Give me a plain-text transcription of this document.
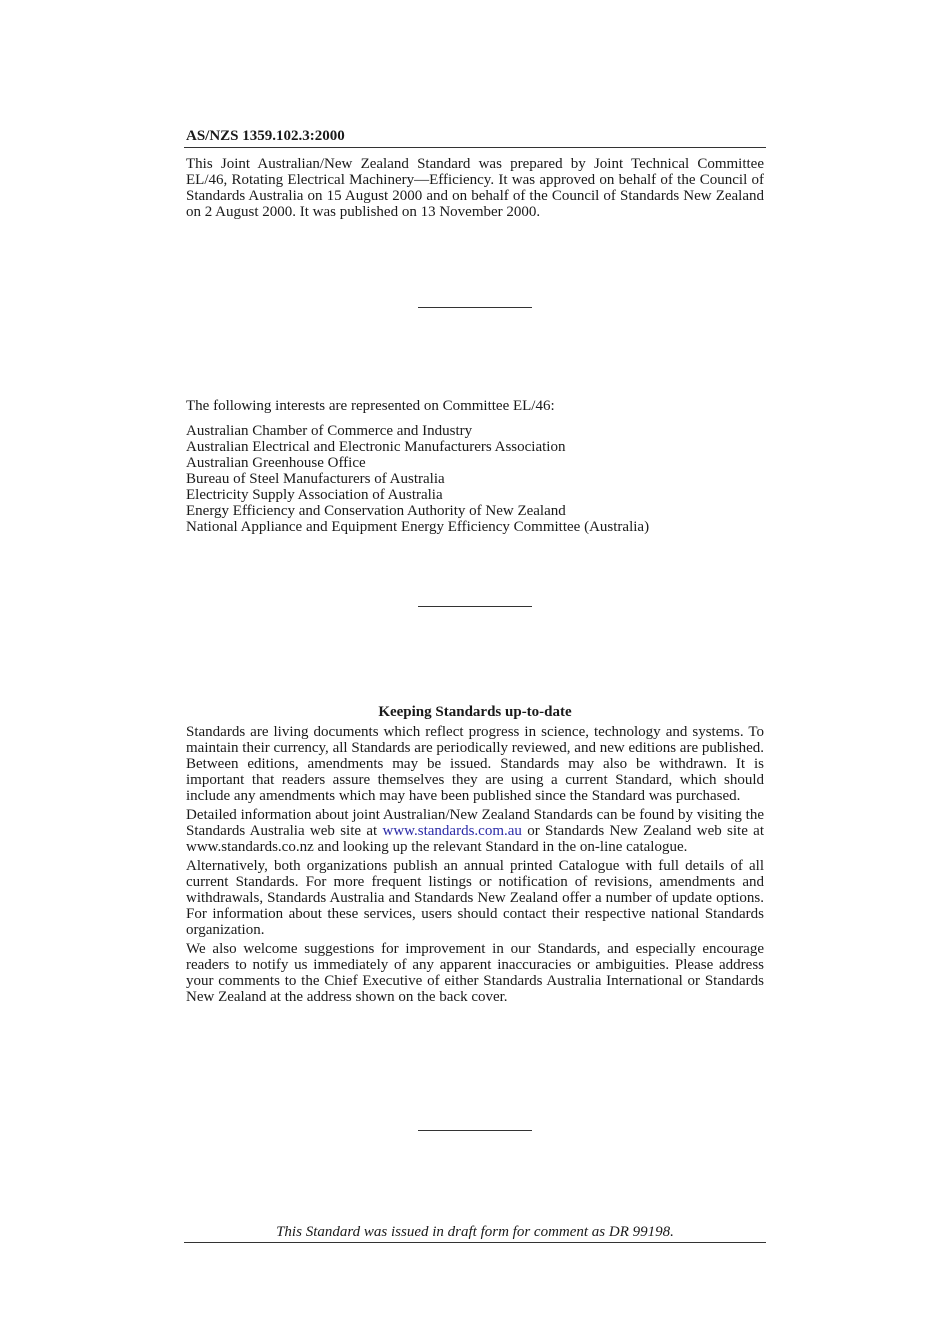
AS/NZS 1359.102.3:2000

This Joint Australian/New Zealand Standard was prepared by Joint Technical Committee EL/46, Rotating Electrical Machinery—Efficiency. It was approved on behalf of the Council of Standards Australia on 15 August 2000 and on behalf of the Council of Standards New Zealand on 2 August 2000. It was published on 13 November 2000.

The following interests are represented on Committee EL/46:

Australian Chamber of Commerce and Industry
Australian Electrical and Electronic Manufacturers Association
Australian Greenhouse Office
Bureau of Steel Manufacturers of Australia
Electricity Supply Association of Australia
Energy Efficiency and Conservation Authority of New Zealand
National Appliance and Equipment Energy Efficiency Committee (Australia)
Keeping Standards up-to-date

Standards are living documents which reflect progress in science, technology and systems. To maintain their currency, all Standards are periodically reviewed, and new editions are published. Between editions, amendments may be issued. Standards may also be withdrawn. It is important that readers assure themselves they are using a current Standard, which should include any amendments which may have been published since the Standard was purchased.

Detailed information about joint Australian/New Zealand Standards can be found by visiting the Standards Australia web site at www.standards.com.au or Standards New Zealand web site at www.standards.co.nz and looking up the relevant Standard in the on-line catalogue.

Alternatively, both organizations publish an annual printed Catalogue with full details of all current Standards. For more frequent listings or notification of revisions, amendments and withdrawals, Standards Australia and Standards New Zealand offer a number of update options. For information about these services, users should contact their respective national Standards organization.

We also welcome suggestions for improvement in our Standards, and especially encourage readers to notify us immediately of any apparent inaccuracies or ambiguities. Please address your comments to the Chief Executive of either Standards Australia International or Standards New Zealand at the address shown on the back cover.

This Standard was issued in draft form for comment as DR 99198.
